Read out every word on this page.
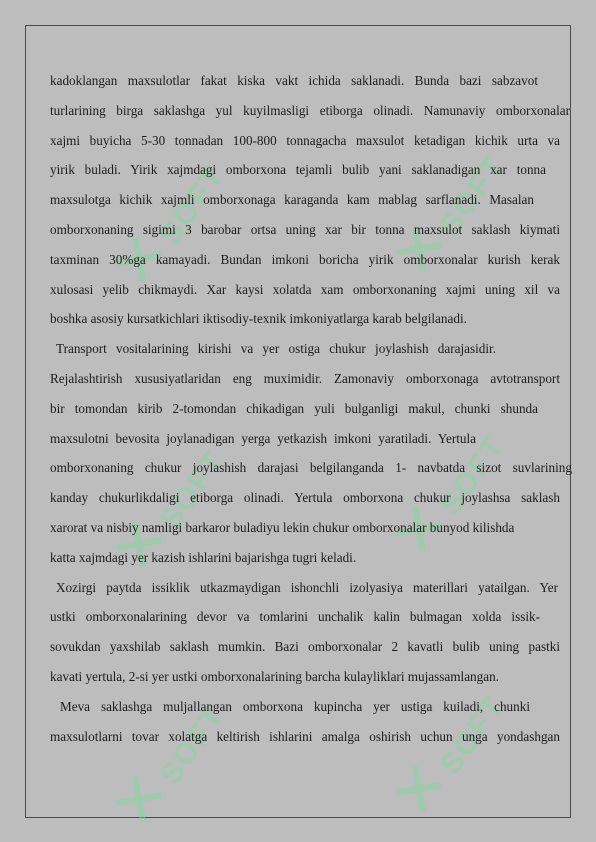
✕SOFT ✕SOFT
✕SOFT ✕SOFT
✕SOFT ✕SOFT
kadoklangan maxsulotlar fakat kiska vakt ichida saklanadi. Bunda bazi sabzavot
turlarining birga saklashga yul kuyilmasligi etiborga olinadi. Namunaviy omborxonalar
xajmi buyicha 5-30 tonnadan 100-800 tonnagacha maxsulot ketadigan kichik urta va
yirik buladi. Yirik xajmdagi omborxona tejamli bulib yani saklanadigan xar tonna
maxsulotga kichik xajmli omborxonaga karaganda kam mablag sarflanadi. Masalan
omborxonaning sigimi 3 barobar ortsa uning xar bir tonna maxsulot saklash kiymati
taxminan 30%ga kamayadi. Bundan imkoni boricha yirik omborxonalar kurish kerak
xulosasi yelib chikmaydi. Xar kaysi xolatda xam omborxonaning xajmi uning xil va
boshka asosiy kursatkichlari iktisodiy-texnik imkoniyatlarga karab belgilanadi.
Transport vositalarining kirishi va yer ostiga chukur joylashish darajasidir.
Rejalashtirish xususiyatlaridan eng muximidir. Zamonaviy omborxonaga avtotransport
bir tomondan kirib 2-tomondan chikadigan yuli bulganligi makul, chunki shunda
maxsulotni bevosita joylanadigan yerga yetkazish imkoni yaratiladi. Yertula
omborxonaning chukur joylashish darajasi belgilanganda 1- navbatda sizot suvlarining
kanday chukurlikdaligi etiborga olinadi. Yertula omborxona chukur joylashsa saklash
xarorat va nisbiy namligi barkaror buladiyu lekin chukur omborxonalar bunyod kilishda
katta xajmdagi yer kazish ishlarini bajarishga tugri keladi.
Xozirgi paytda issiklik utkazmaydigan ishonchli izolyasiya materillari yatailgan. Yer
ustki omborxonalarining devor va tomlarini unchalik kalin bulmagan xolda issik-
sovukdan yaxshilab saklash mumkin. Bazi omborxonalar 2 kavatli bulib uning pastki
kavati yertula, 2-si yer ustki omborxonalarining barcha kulayliklari mujassamlangan.
Meva saklashga muljallangan omborxona kupincha yer ustiga kuiladi, chunki
maxsulotlarni tovar xolatga keltirish ishlarini amalga oshirish uchun unga yondashgan
